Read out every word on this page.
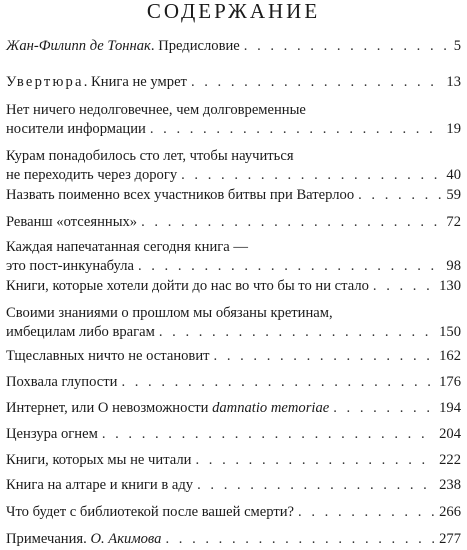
СОДЕРЖАНИЕ
Жан-Филипп де Тоннак. Предисловие . . .	5
Увертюра. Книга не умрет . . .	13
Нет ничего недолговечнее, чем долговременные
носители информации . . .	19
Курам понадобилось сто лет, чтобы научиться
не переходить через дорогу . . .	40
Назвать поименно всех участников битвы при Ватерлоо . . .	59
Реванш «отсеянных» . . .	72
Каждая напечатанная сегодня книга —
это пост-инкунабула . . .	98
Книги, которые хотели дойти до нас во что бы то ни стало . . .	130
Своими знаниями о прошлом мы обязаны кретинам,
имбецилам либо врагам . . .	150
Тщеславных ничто не остановит . . .	162
Похвала глупости . . .	176
Интернет, или О невозможности damnatio memoriae . . .	194
Цензура огнем . . .	204
Книги, которых мы не читали . . .	222
Книга на алтаре и книги в аду . . .	238
Что будет с библиотекой после вашей смерти? . . .	266
Примечания. О. Акимова . . .	277
